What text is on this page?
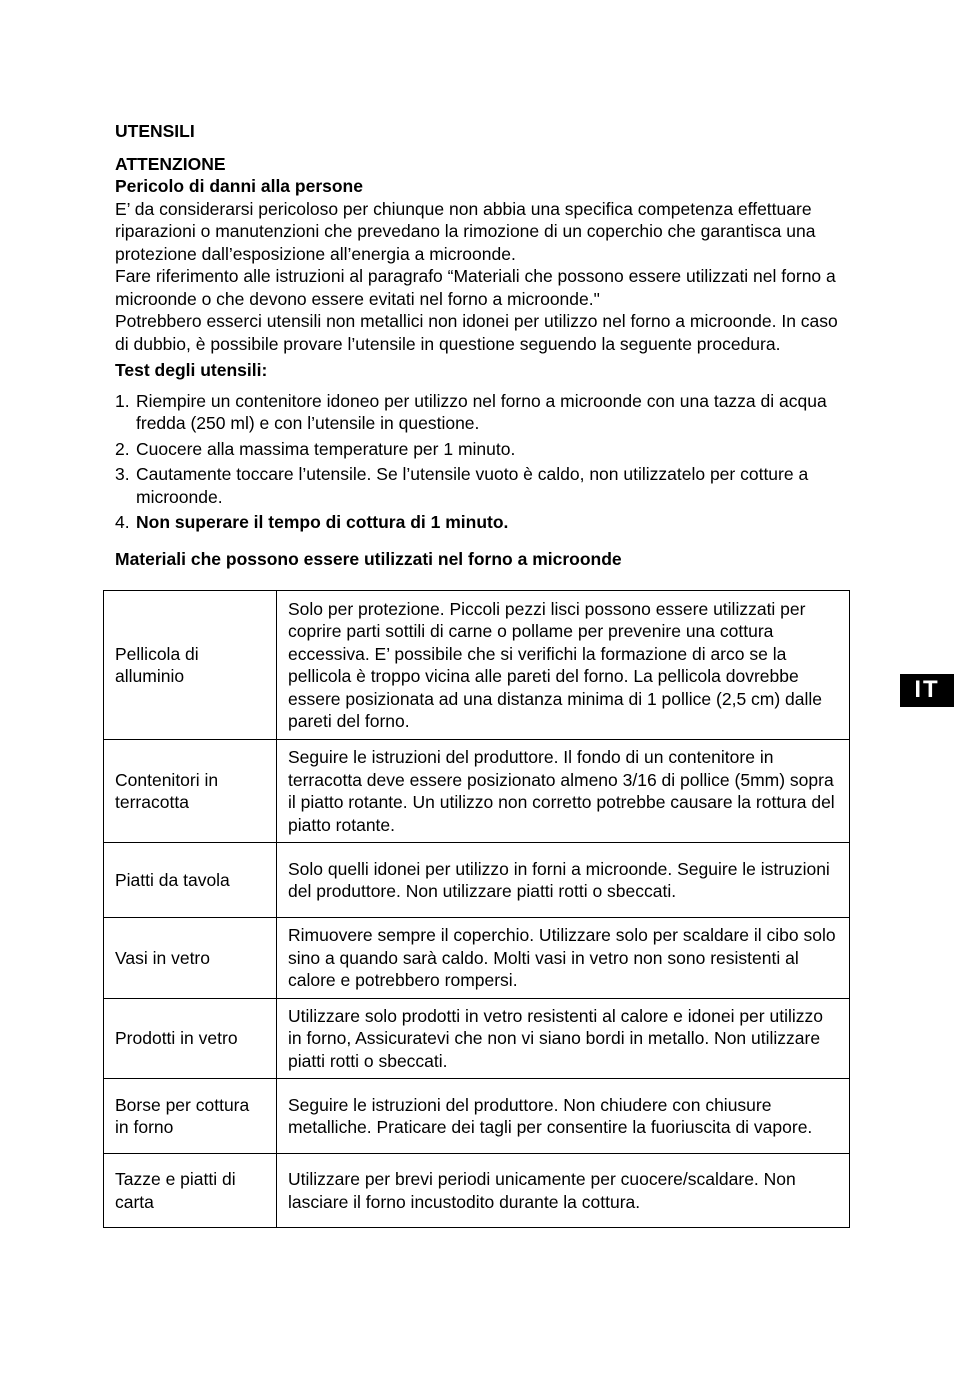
UTENSILI

ATTENZIONE

Pericolo di danni alla persone

E’ da considerarsi pericoloso per chiunque non abbia una specifica competenza effettuare riparazioni o manutenzioni che prevedano la rimozione di un coperchio che garantisca una protezione dall’esposizione all’energia a microonde.

Fare riferimento alle istruzioni al paragrafo “Materiali che possono essere utilizzati nel forno a microonde o che devono essere evitati nel forno a microonde."

Potrebbero esserci utensili non metallici non idonei per utilizzo nel forno a microonde. In caso di dubbio, è possibile provare l’utensile in questione seguendo la seguente procedura.

Test degli utensili:

1. Riempire un contenitore idoneo per utilizzo nel forno a microonde con una tazza di acqua fredda (250 ml) e con l’utensile in questione.
2. Cuocere alla massima temperature per 1 minuto.
3. Cautamente toccare l’utensile. Se l’utensile vuoto è caldo, non utilizzatelo per cotture a microonde.
4. Non superare il tempo di cottura di 1 minuto.

Materiali che possono essere utilizzati nel forno a microonde

Pellicola di alluminio	Solo per protezione. Piccoli pezzi lisci possono essere utilizzati per coprire parti sottili di carne o pollame per prevenire una cottura eccessiva. E’ possibile che si verifichi la formazione di arco se la pellicola è troppo vicina alle pareti del forno. La pellicola dovrebbe essere posizionata ad una distanza minima di 1 pollice (2,5 cm) dalle pareti del forno.
Contenitori in terracotta	Seguire le istruzioni del produttore. Il fondo di un contenitore in terracotta deve essere posizionato almeno 3/16 di pollice (5mm) sopra il piatto rotante. Un utilizzo non corretto potrebbe causare la rottura del piatto rotante.
Piatti da tavola	Solo quelli idonei per utilizzo in forni a microonde. Seguire le istruzioni del produttore. Non utilizzare piatti rotti o sbeccati.
Vasi in vetro	Rimuovere sempre il coperchio. Utilizzare solo per scaldare il cibo solo sino a quando sarà caldo. Molti vasi in vetro non sono resistenti al calore e potrebbero rompersi.
Prodotti in vetro	Utilizzare solo prodotti in vetro resistenti al calore e idonei per utilizzo in forno, Assicuratevi che non vi siano bordi in metallo. Non utilizzare piatti rotti o sbeccati.
Borse per cottura in forno	Seguire le istruzioni del produttore. Non chiudere con chiusure metalliche. Praticare dei tagli per consentire la fuoriuscita di vapore.
Tazze e piatti di carta	Utilizzare per brevi periodi unicamente per cuocere/scaldare. Non lasciare il forno incustodito durante la cottura.
IT
